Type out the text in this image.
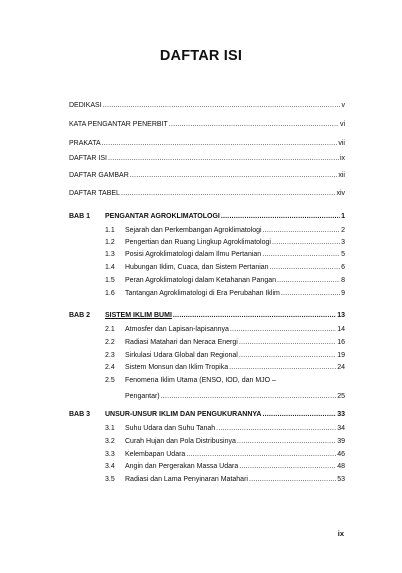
DAFTAR ISI
DEDIKASI .....	v
KATA PENGANTAR PENERBIT .....	vi
PRAKATA .....	vii
DAFTAR ISI .....	ix
DAFTAR GAMBAR .....	xii
DAFTAR TABEL .....	xiv
BAB 1	PENGANTAR AGROKLIMATOLOGI .....	1
1.1	Sejarah dan Perkembangan Agroklimatologi .....	2
1.2	Pengertian dan Ruang Lingkup Agroklimatologi .....	3
1.3	Posisi Agroklimatologi dalam Ilmu Pertanian .....	5
1.4	Hubungan Iklim, Cuaca, dan Sistem Pertanian .....	6
1.5	Peran Agroklimatologi dalam Ketahanan Pangan .....	8
1.6	Tantangan Agroklimatologi di Era Perubahan Iklim .....	9
BAB 2	SISTEM IKLIM BUMI .....	13
2.1	Atmosfer dan Lapisan-lapisannya .....	14
2.2	Radiasi Matahari dan Neraca Energi .....	16
2.3	Sirkulasi Udara Global dan Regional .....	19
2.4	Sistem Monsun dan Iklim Tropika .....	24
2.5	Fenomena Iklim Utama (ENSO, IOD, dan MJO –
Pengantar) .....	25
BAB 3	UNSUR-UNSUR IKLIM DAN PENGUKURANNYA .....	33
3.1	Suhu Udara dan Suhu Tanah .....	34
3.2	Curah Hujan dan Pola Distribusinya .....	39
3.3	Kelembapan Udara .....	46
3.4	Angin dan Pergerakan Massa Udara .....	48
3.5	Radiasi dan Lama Penyinaran Matahari .....	53
ix
